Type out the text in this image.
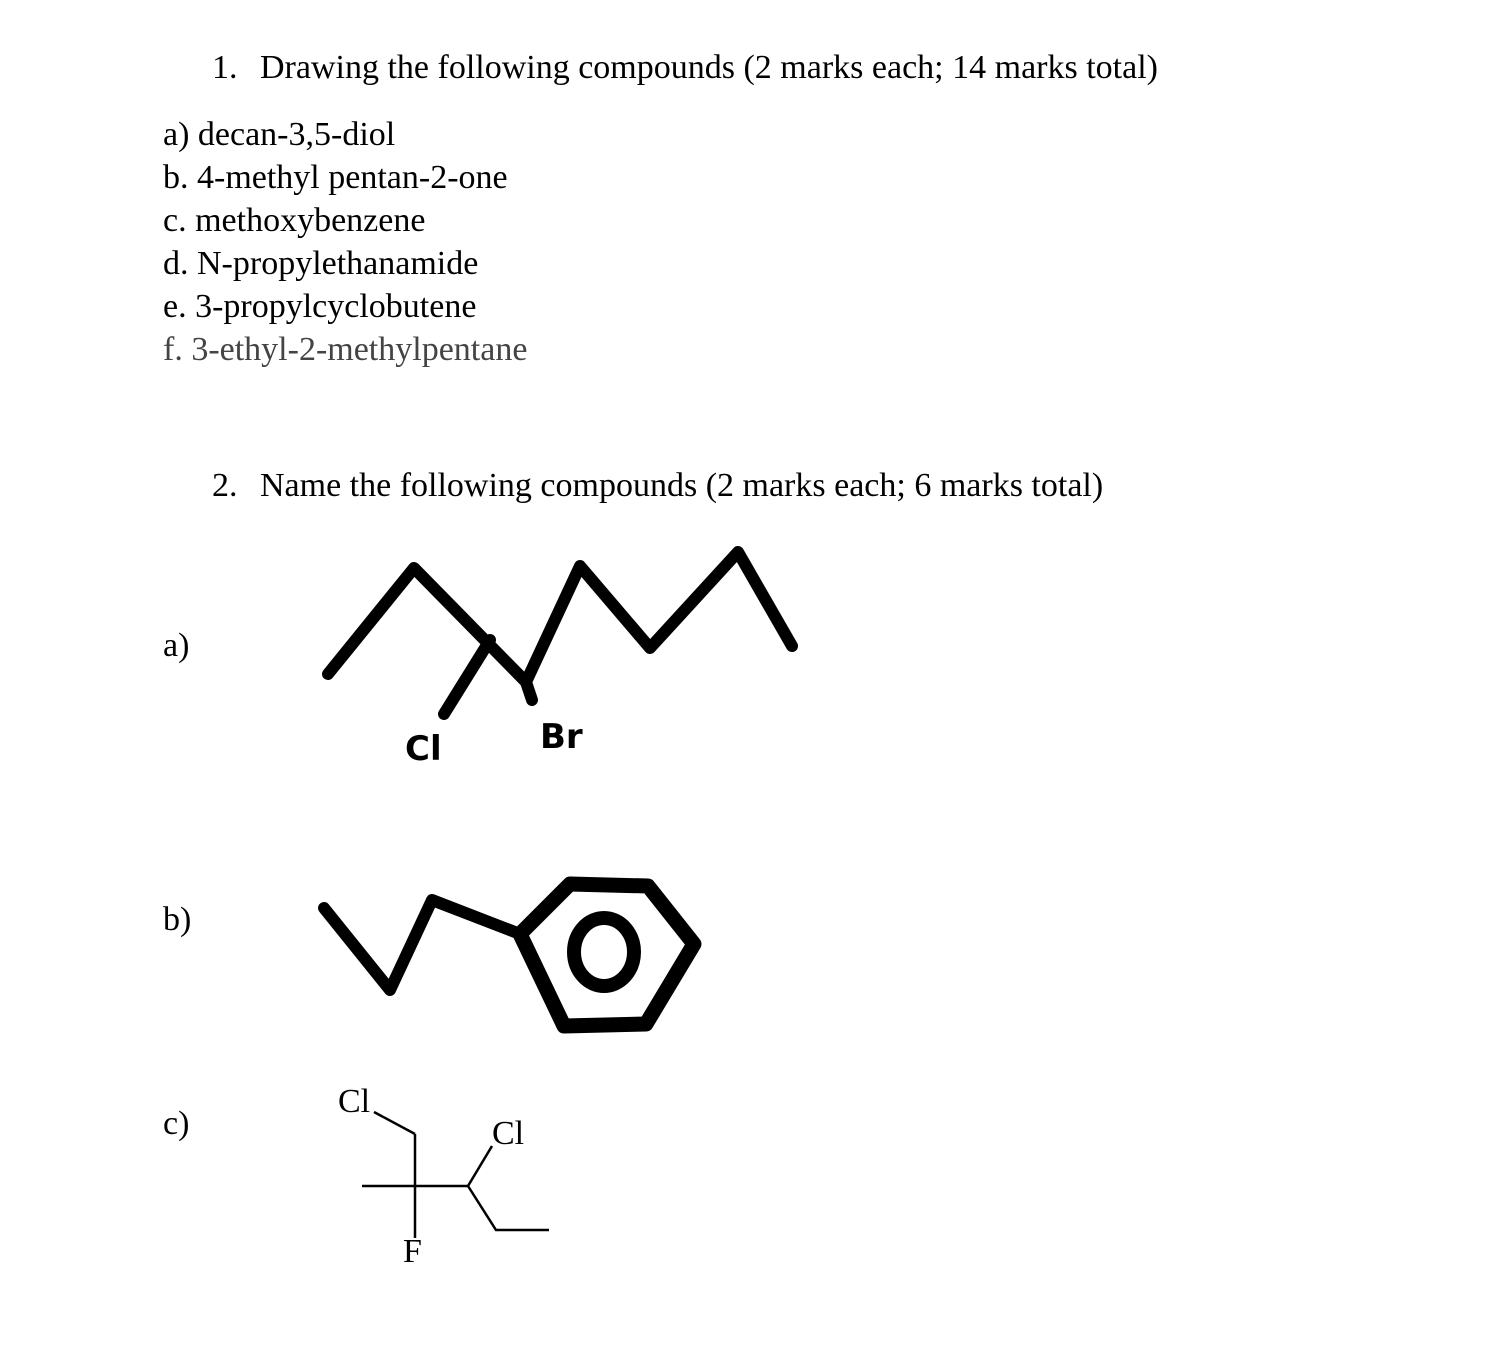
1. Drawing the following compounds (2 marks each; 14 marks total)
a) decan-3,5-diol
b. 4-methyl pentan-2-one
c. methoxybenzene
d. N-propylethanamide
e. 3-propylcyclobutene
f. 3-ethyl-2-methylpentane
2. Name the following compounds (2 marks each; 6 marks total)
a)
b)
c)
Cl	Br
Cl
Cl
F
